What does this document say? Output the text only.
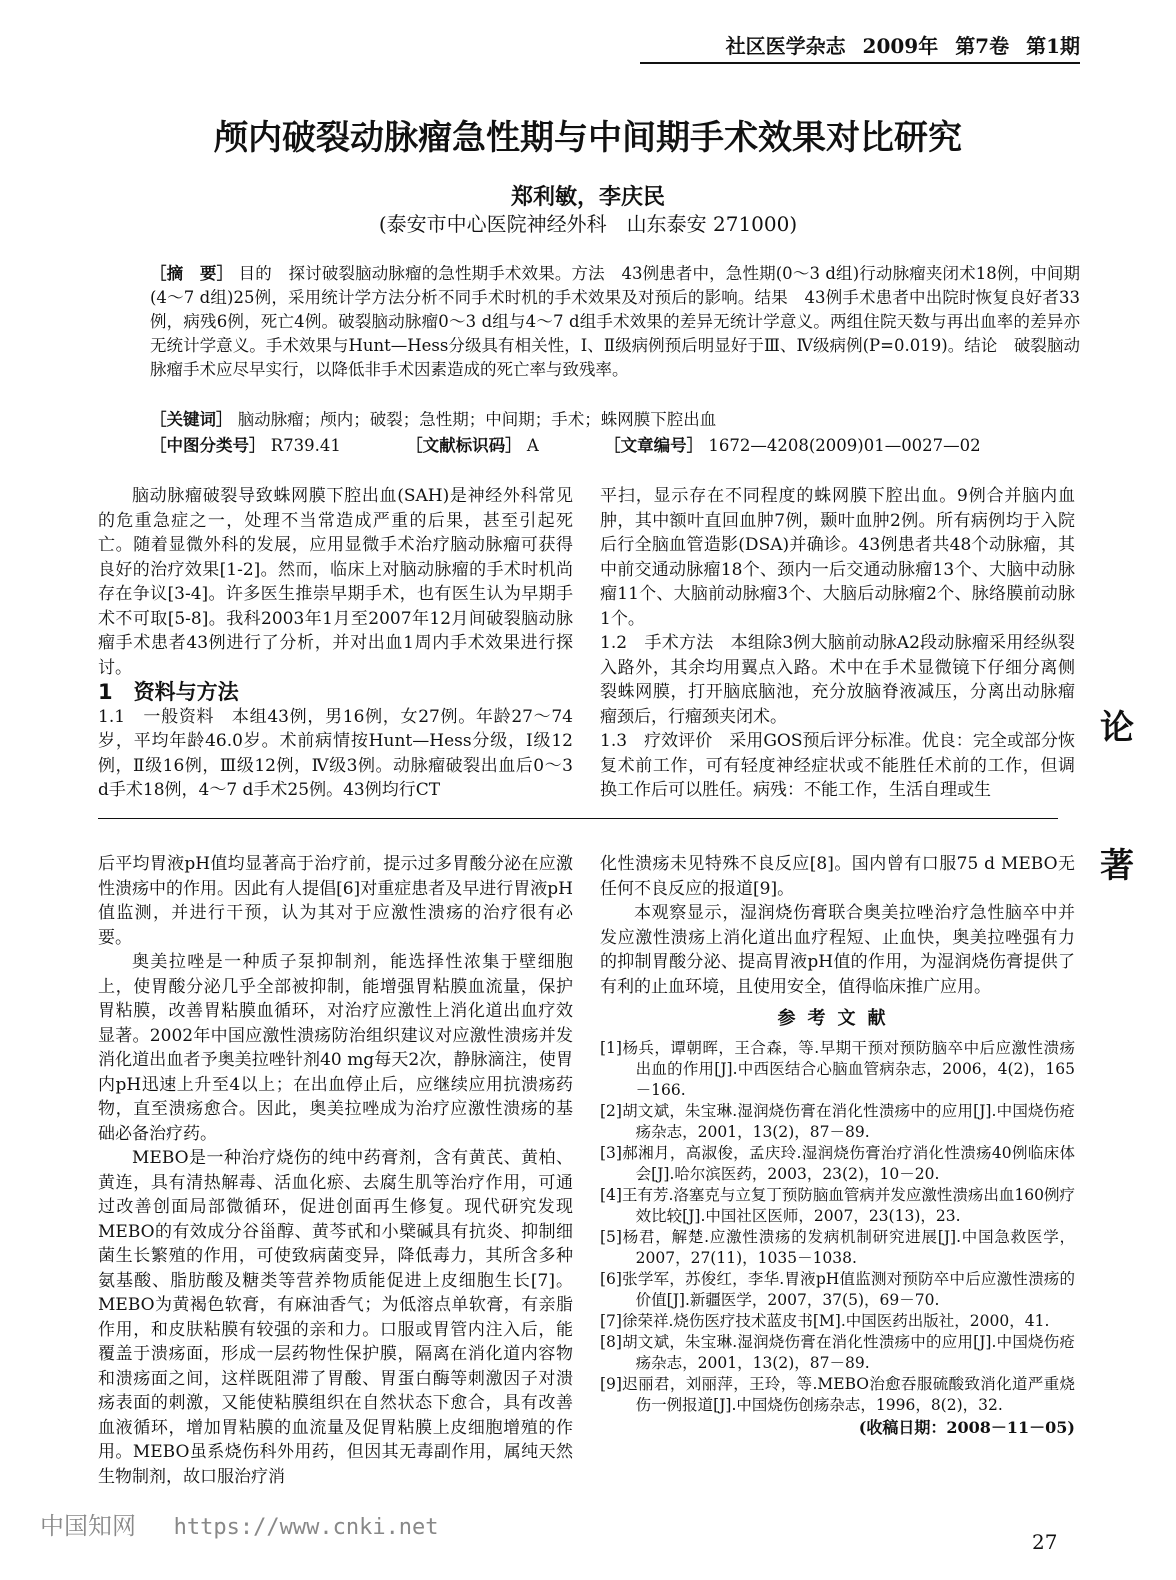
社区医学杂志 2009年 第7卷 第1期
颅内破裂动脉瘤急性期与中间期手术效果对比研究
郑利敏，李庆民
(泰安市中心医院神经外科　山东泰安 271000)
［摘　要］ 目的　探讨破裂脑动脉瘤的急性期手术效果。方法　43例患者中，急性期(0～3 d组)行动脉瘤夹闭术18例，中间期(4～7 d组)25例，采用统计学方法分析不同手术时机的手术效果及对预后的影响。结果　43例手术患者中出院时恢复良好者33例，病残6例，死亡4例。破裂脑动脉瘤0～3 d组与4～7 d组手术效果的差异无统计学意义。两组住院天数与再出血率的差异亦无统计学意义。手术效果与Hunt—Hess分级具有相关性，Ⅰ、Ⅱ级病例预后明显好于Ⅲ、Ⅳ级病例(P=0.019)。结论　破裂脑动脉瘤手术应尽早实行，以降低非手术因素造成的死亡率与致残率。
［关键词］ 脑动脉瘤；颅内；破裂；急性期；中间期；手术；蛛网膜下腔出血
［中图分类号］ R739.41	［文献标识码］ A	［文章编号］ 1672—4208(2009)01—0027—02

脑动脉瘤破裂导致蛛网膜下腔出血(SAH)是神经外科常见的危重急症之一，处理不当常造成严重的后果，甚至引起死亡。随着显微外科的发展，应用显微手术治疗脑动脉瘤可获得良好的治疗效果[1-2]。然而，临床上对脑动脉瘤的手术时机尚存在争议[3-4]。许多医生推崇早期手术，也有医生认为早期手术不可取[5-8]。我科2003年1月至2007年12月间破裂脑动脉瘤手术患者43例进行了分析，并对出血1周内手术效果进行探讨。

1　资料与方法

1.1　一般资料　本组43例，男16例，女27例。年龄27～74岁，平均年龄46.0岁。术前病情按Hunt—Hess分级，Ⅰ级12例，Ⅱ级16例，Ⅲ级12例，Ⅳ级3例。动脉瘤破裂出血后0～3 d手术18例，4～7 d手术25例。43例均行CT

平扫，显示存在不同程度的蛛网膜下腔出血。9例合并脑内血肿，其中额叶直回血肿7例，颞叶血肿2例。所有病例均于入院后行全脑血管造影(DSA)并确诊。43例患者共48个动脉瘤，其中前交通动脉瘤18个、颈内一后交通动脉瘤13个、大脑中动脉瘤11个、大脑前动脉瘤3个、大脑后动脉瘤2个、脉络膜前动脉1个。

1.2　手术方法　本组除3例大脑前动脉A2段动脉瘤采用经纵裂入路外，其余均用翼点入路。术中在手术显微镜下仔细分离侧裂蛛网膜，打开脑底脑池，充分放脑脊液减压，分离出动脉瘤瘤颈后，行瘤颈夹闭术。

1.3　疗效评价　采用GOS预后评分标准。优良：完全或部分恢复术前工作，可有轻度神经症状或不能胜任术前的工作，但调换工作后可以胜任。病残：不能工作，生活自理或生

论
著

后平均胃液pH值均显著高于治疗前，提示过多胃酸分泌在应激性溃疡中的作用。因此有人提倡[6]对重症患者及早进行胃液pH值监测，并进行干预，认为其对于应激性溃疡的治疗很有必要。

奥美拉唑是一种质子泵抑制剂，能选择性浓集于壁细胞上，使胃酸分泌几乎全部被抑制，能增强胃粘膜血流量，保护胃粘膜，改善胃粘膜血循环，对治疗应激性上消化道出血疗效显著。2002年中国应激性溃疡防治组织建议对应激性溃疡并发消化道出血者予奥美拉唑针剂40 mg每天2次，静脉滴注，使胃内pH迅速上升至4以上；在出血停止后，应继续应用抗溃疡药物，直至溃疡愈合。因此，奥美拉唑成为治疗应激性溃疡的基础必备治疗药。

MEBO是一种治疗烧伤的纯中药膏剂，含有黄芪、黄柏、黄连，具有清热解毒、活血化瘀、去腐生肌等治疗作用，可通过改善创面局部微循环，促进创面再生修复。现代研究发现MEBO的有效成分谷甾醇、黄芩甙和小檗碱具有抗炎、抑制细菌生长繁殖的作用，可使致病菌变异，降低毒力，其所含多种氨基酸、脂肪酸及糖类等营养物质能促进上皮细胞生长[7]。MEBO为黄褐色软膏，有麻油香气；为低溶点单软膏，有亲脂作用，和皮肤粘膜有较强的亲和力。口服或胃管内注入后，能覆盖于溃疡面，形成一层药物性保护膜，隔离在消化道内容物和溃疡面之间，这样既阻滞了胃酸、胃蛋白酶等刺激因子对溃疡表面的刺激，又能使粘膜组织在自然状态下愈合，具有改善血液循环，增加胃粘膜的血流量及促胃粘膜上皮细胞增殖的作用。MEBO虽系烧伤科外用药，但因其无毒副作用，属纯天然生物制剂，故口服治疗消

化性溃疡未见特殊不良反应[8]。国内曾有口服75 d MEBO无任何不良反应的报道[9]。

本观察显示，湿润烧伤膏联合奥美拉唑治疗急性脑卒中并发应激性溃疡上消化道出血疗程短、止血快，奥美拉唑强有力的抑制胃酸分泌、提高胃液pH值的作用，为湿润烧伤膏提供了有利的止血环境，且使用安全，值得临床推广应用。

参考文献

[1]杨兵，谭朝晖，王合森，等.早期干预对预防脑卒中后应激性溃疡出血的作用[J].中西医结合心脑血管病杂志，2006，4(2)，165－166.

[2]胡文斌，朱宝琳.湿润烧伤膏在消化性溃疡中的应用[J].中国烧伤疮疡杂志，2001，13(2)，87－89.

[3]郝湘月，高淑俊，孟庆玲.湿润烧伤膏治疗消化性溃疡40例临床体会[J].哈尔滨医药，2003，23(2)，10－20.

[4]王有芳.洛塞克与立复丁预防脑血管病并发应激性溃疡出血160例疗效比较[J].中国社区医师，2007，23(13)，23.

[5]杨君，解楚.应激性溃疡的发病机制研究进展[J].中国急救医学，2007，27(11)，1035－1038.

[6]张学军，苏俊红，李华.胃液pH值监测对预防卒中后应激性溃疡的价值[J].新疆医学，2007，37(5)，69－70.

[7]徐荣祥.烧伤医疗技术蓝皮书[M].中国医药出版社，2000，41.

[8]胡文斌，朱宝琳.湿润烧伤膏在消化性溃疡中的应用[J].中国烧伤疮疡杂志，2001，13(2)，87－89.

[9]迟丽君，刘丽萍，王玲，等.MEBO治愈吞服硫酸致消化道严重烧伤一例报道[J].中国烧伤创疡杂志，1996，8(2)，32.

(收稿日期：2008－11－05)
中国知网 https://www.cnki.net
27
